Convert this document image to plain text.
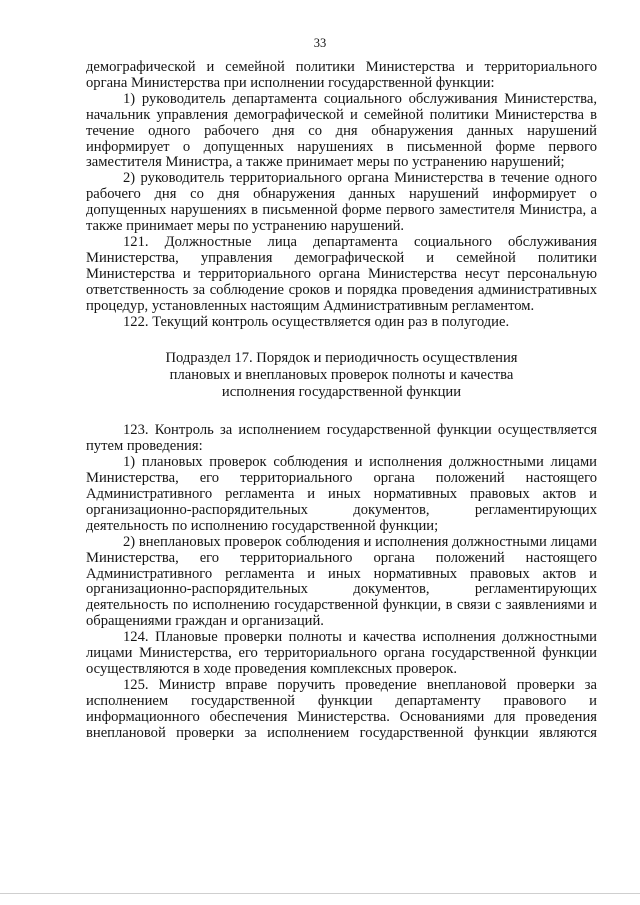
33

демографической и семейной политики Министерства и территориального органа Министерства при исполнении государственной функции:

1) руководитель департамента социального обслуживания Министерства, начальник управления демографической и семейной политики Министерства в течение одного рабочего дня со дня обнаружения данных нарушений информирует о допущенных нарушениях в письменной форме первого заместителя Министра, а также принимает меры по устранению нарушений;

2) руководитель территориального органа Министерства в течение одного рабочего дня со дня обнаружения данных нарушений информирует о допущенных нарушениях в письменной форме первого заместителя Министра, а также принимает меры по устранению нарушений.

121. Должностные лица департамента социального обслуживания Министерства, управления демографической и семейной политики Министерства и территориального органа Министерства несут персональную ответственность за соблюдение сроков и порядка проведения административных процедур, установленных настоящим Административным регламентом.

122. Текущий контроль осуществляется один раз в полугодие.

Подраздел 17. Порядок и периодичность осуществления
плановых и внеплановых проверок полноты и качества
исполнения государственной функции

123. Контроль за исполнением государственной функции осуществляется путем проведения:

1) плановых проверок соблюдения и исполнения должностными лицами Министерства, его территориального органа положений настоящего Административного регламента и иных нормативных правовых актов и организационно-распорядительных документов, регламентирующих деятельность по исполнению государственной функции;

2) внеплановых проверок соблюдения и исполнения должностными лицами Министерства, его территориального органа положений настоящего Административного регламента и иных нормативных правовых актов и организационно-распорядительных документов, регламентирующих деятельность по исполнению государственной функции, в связи с заявлениями и обращениями граждан и организаций.

124. Плановые проверки полноты и качества исполнения должностными лицами Министерства, его территориального органа государственной функции осуществляются в ходе проведения комплексных проверок.

125. Министр вправе поручить проведение внеплановой проверки за исполнением государственной функции департаменту правового и информационного обеспечения Министерства. Основаниями для проведения внеплановой проверки за исполнением государственной функции являются
